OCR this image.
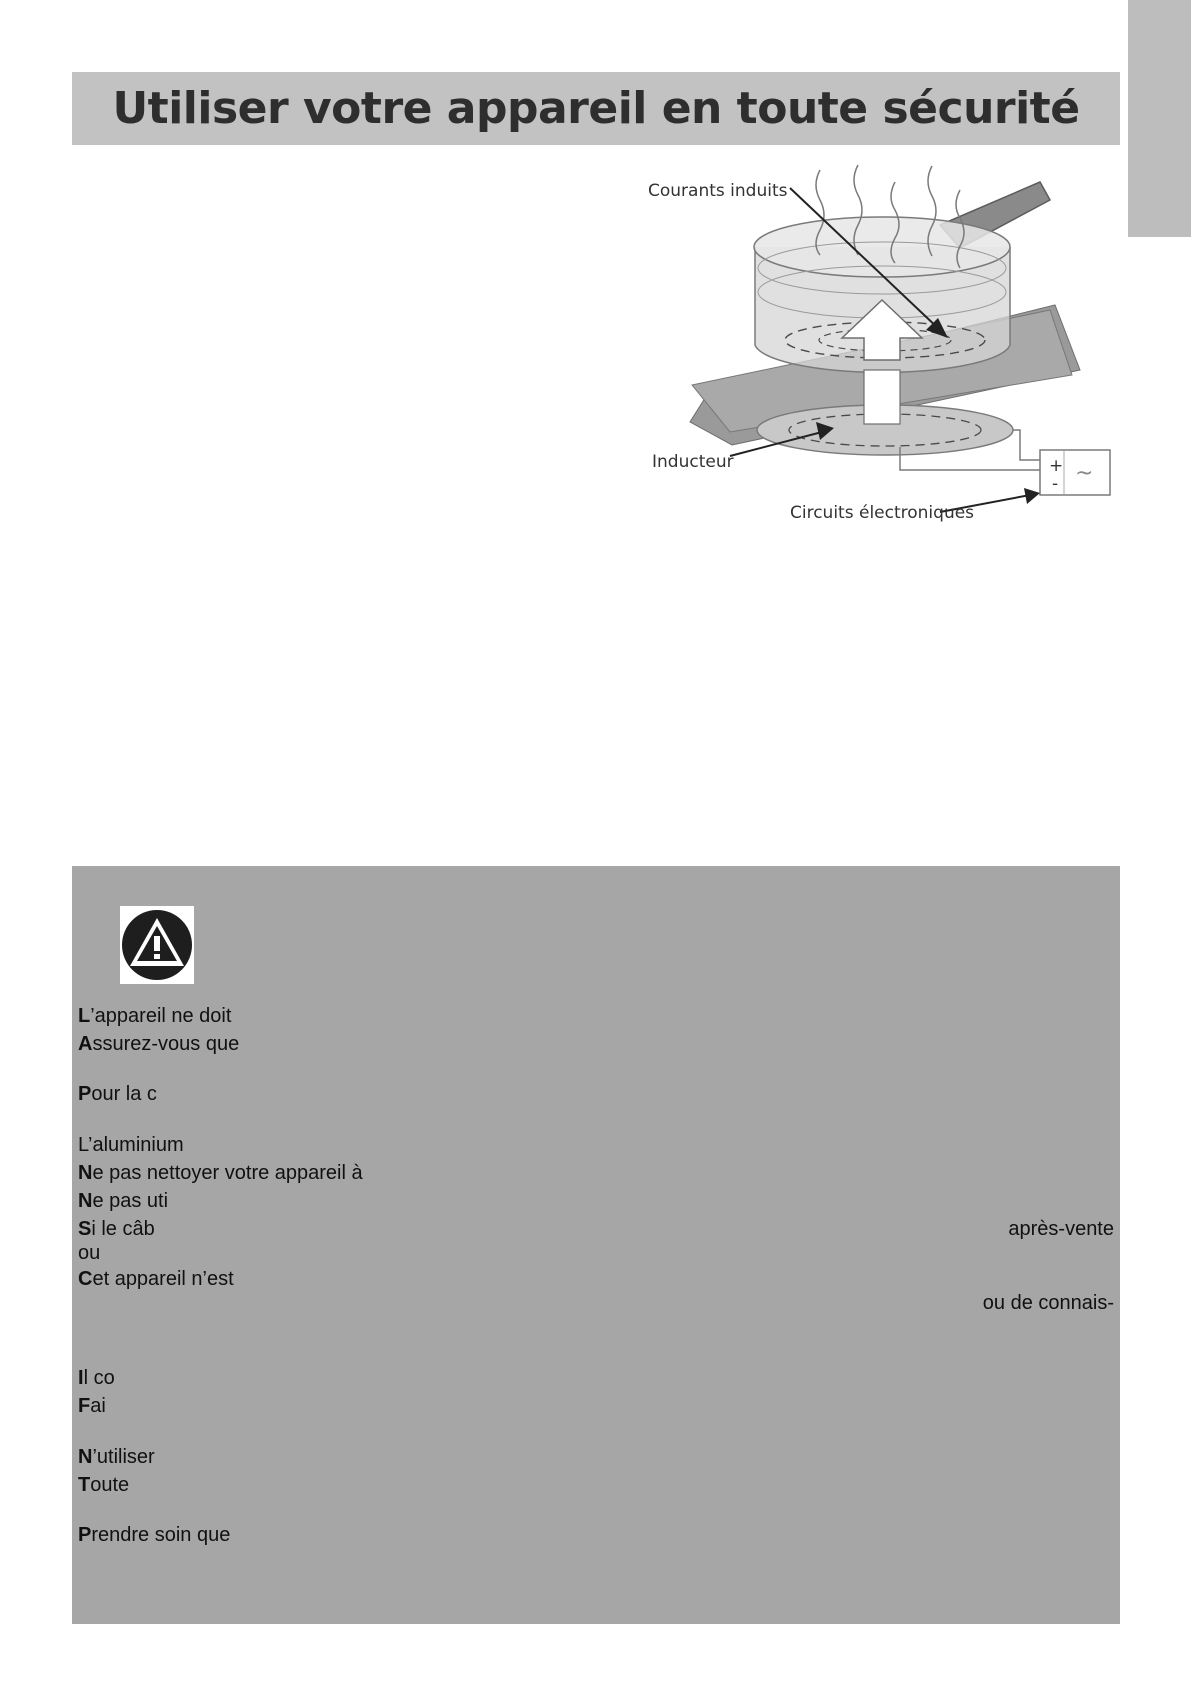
Utiliser votre appareil en toute sécurité
+
- ~
Courants induits
Inducteur
Circuits électroniques
L’appareil ne doit
Assurez-vous que
Pour la c
L’aluminium
Ne pas nettoyer votre appareil à
Ne pas uti
Si le câb	après-vente
ou
Cet appareil n’est
ou de connais-
Il co
Fai
N’utiliser
Toute
Prendre soin que
